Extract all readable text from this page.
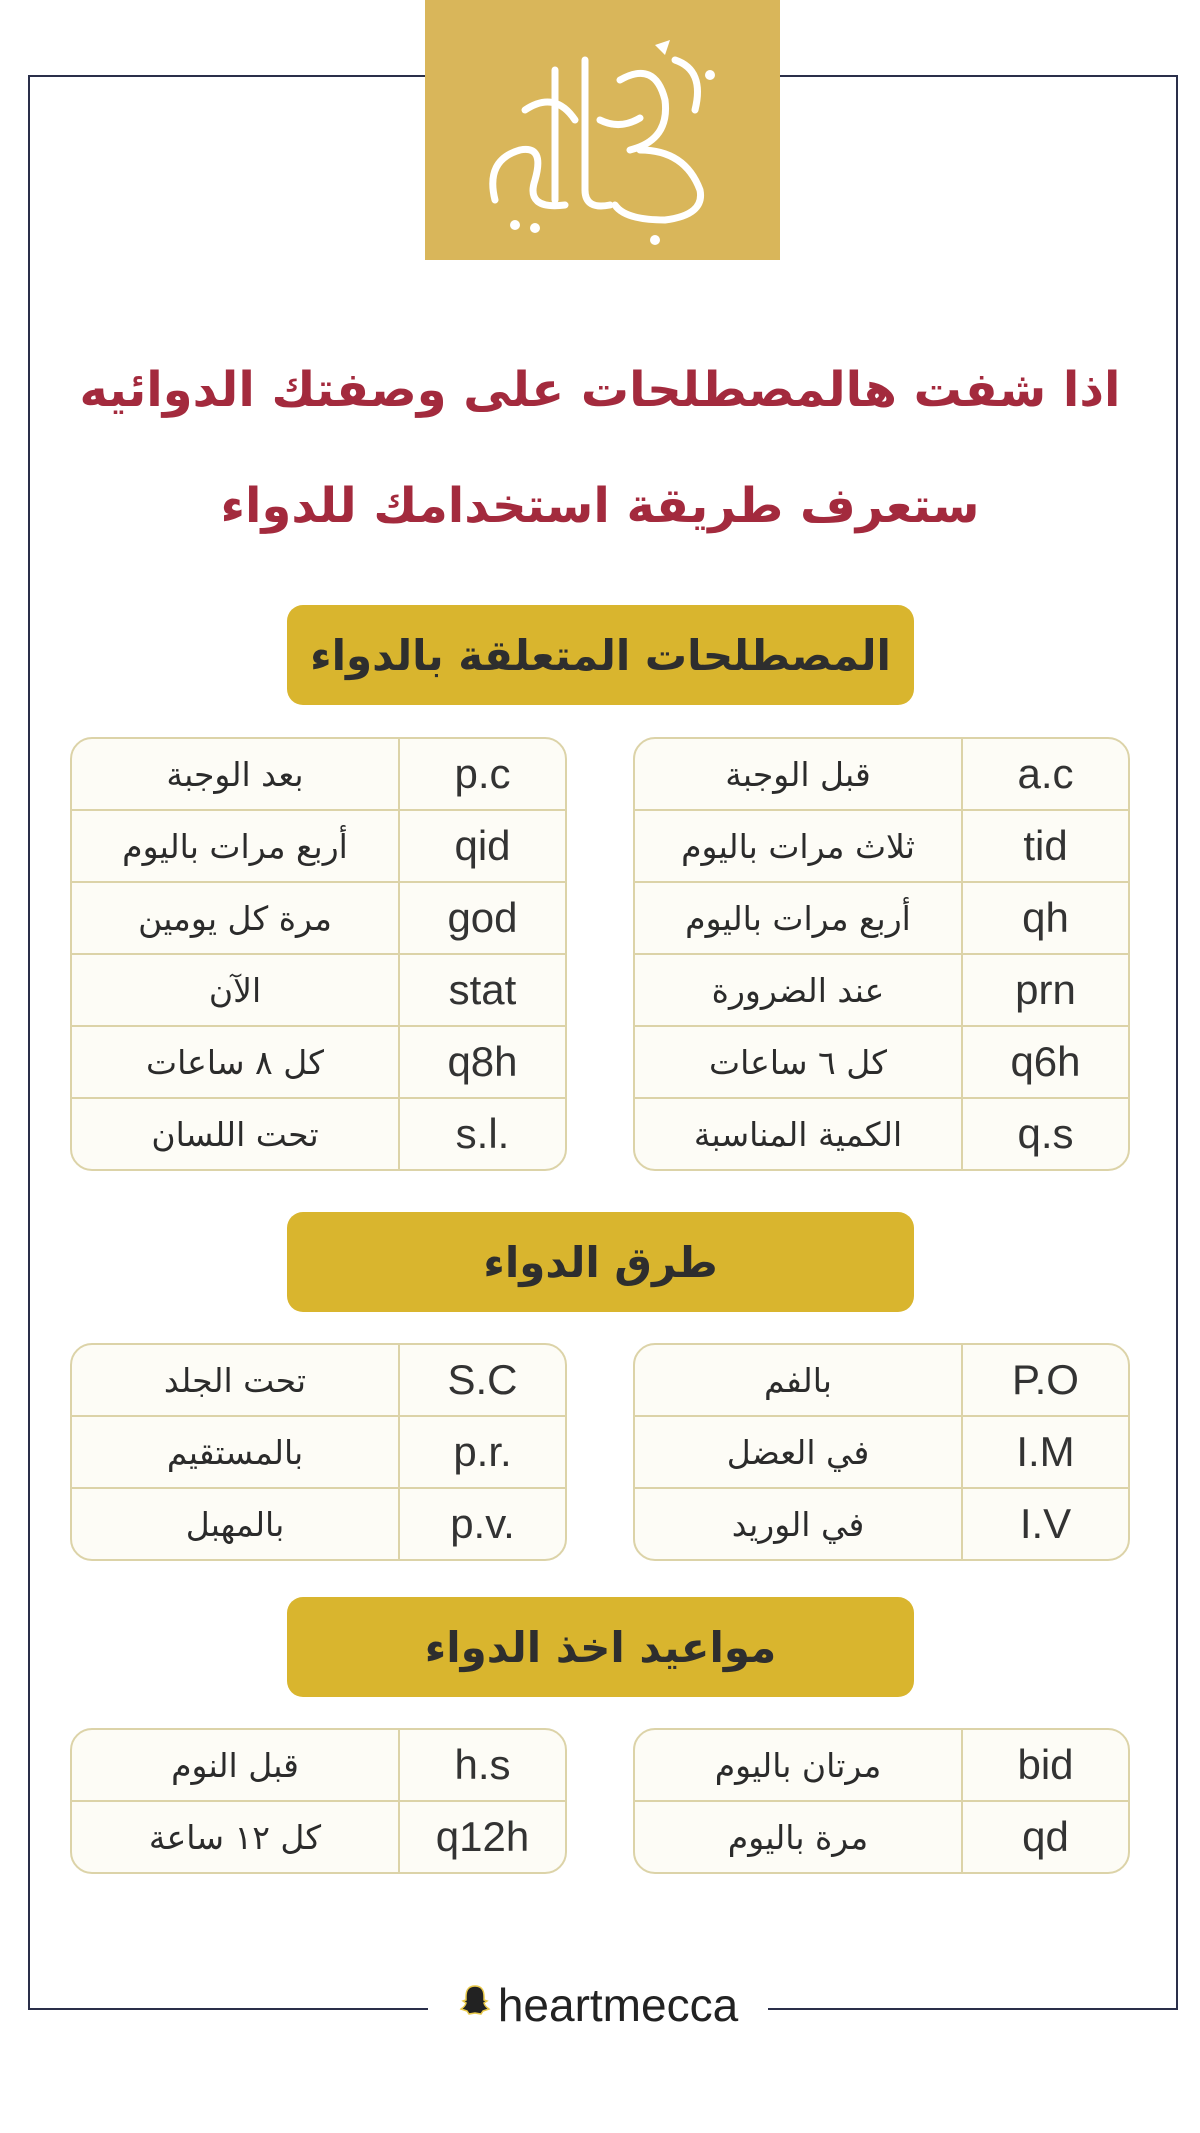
اذا شفت هالمصطلحات على وصفتك الدوائيه
ستعرف طريقة استخدامك للدواء
المصطلحات المتعلقة بالدواء
قبل الوجبة	a.c
ثلاث مرات باليوم	tid
أربع مرات باليوم	qh
عند الضرورة	prn
كل ٦ ساعات	q6h
الكمية المناسبة	q.s
بعد الوجبة	p.c
أربع مرات باليوم	qid
مرة كل يومين	god
الآن	stat
كل ٨ ساعات	q8h
تحت اللسان	s.l.
طرق الدواء
بالفم	P.O
في العضل	I.M
في الوريد	I.V
تحت الجلد	S.C
بالمستقيم	p.r.
بالمهبل	p.v.
مواعيد اخذ الدواء
مرتان باليوم	bid
مرة باليوم	qd
قبل النوم	h.s
كل ١٢ ساعة	q12h
heartmecca
